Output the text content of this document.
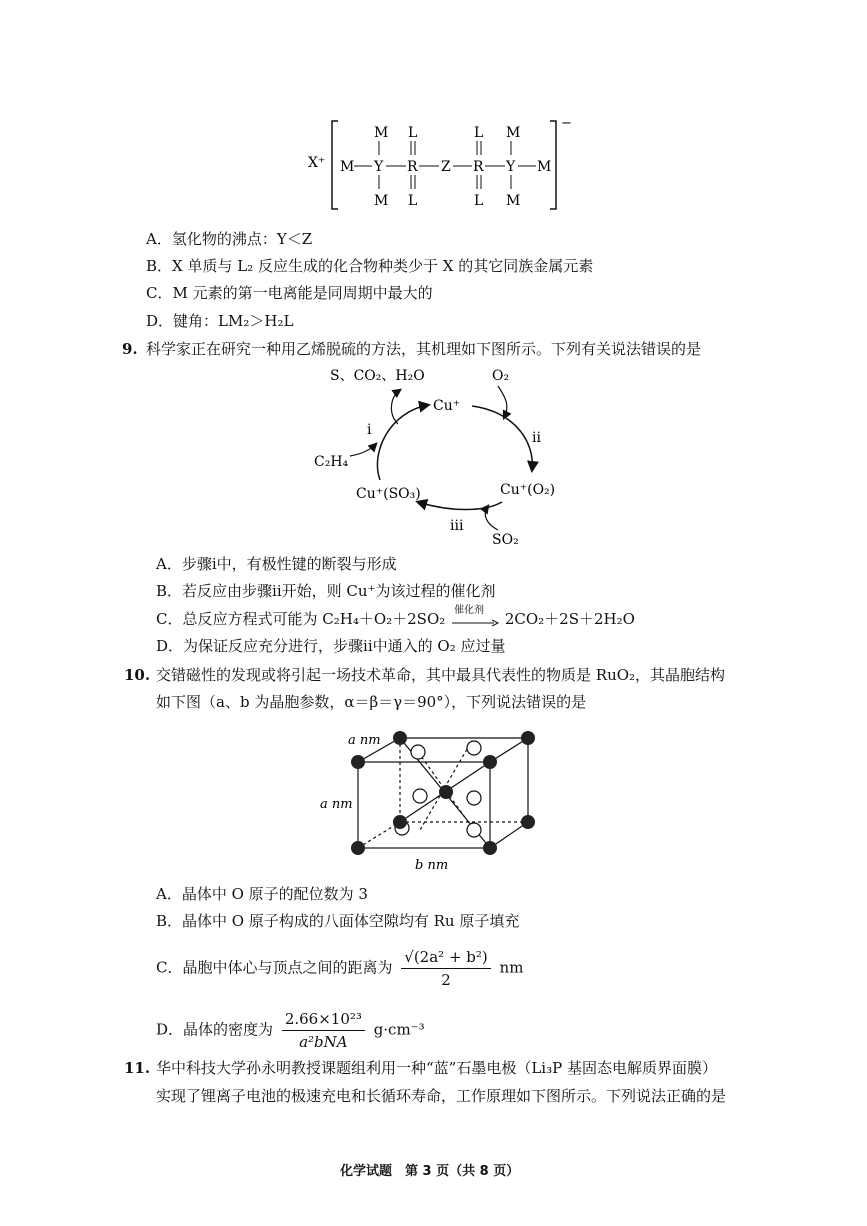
X⁺
−
M Y R Z R Y M
M L	L M
M L	L M
A．氢化物的沸点：Y＜Z
B．X 单质与 L₂ 反应生成的化合物种类少于 X 的其它同族金属元素
C．M 元素的第一电离能是同周期中最大的
D．键角：LM₂＞H₂L
9. 科学家正在研究一种用乙烯脱硫的方法，其机理如下图所示。下列有关说法错误的是
S、CO₂、H₂O	O₂
Cu⁺
C₂H₄
i	ii
Cu⁺(SO₃)	Cu⁺(O₂)
iii
SO₂
A．步骤i中，有极性键的断裂与形成
B．若反应由步骤ii开始，则 Cu⁺为该过程的催化剂
C．总反应方程式可能为 C₂H₄＋O₂＋2SO₂ 催化剂 2CO₂＋2S＋2H₂O
D．为保证反应充分进行，步骤ii中通入的 O₂ 应过量
10. 交错磁性的发现或将引起一场技术革命，其中最具代表性的物质是 RuO₂，其晶胞结构
如下图（a、b 为晶胞参数，α＝β＝γ＝90°），下列说法错误的是
a nm
a nm
b nm
A．晶体中 O 原子的配位数为 3
B．晶体中 O 原子构成的八面体空隙均有 Ru 原子填充
C．晶胞中体心与顶点之间的距离为 $\frac{\text{√(2a² + b²)}}{2}$ nm
D．晶体的密度为 $\frac{\text{2.66×10²³}}{\text{a²bNA}} g\cdot cm^{-3}$
11. 华中科技大学孙永明教授课题组利用一种“蓝”石墨电极（Li₃P 基固态电解质界面膜）
实现了锂离子电池的极速充电和长循环寿命，工作原理如下图所示。下列说法正确的是
化学试题　第 3 页（共 8 页）
